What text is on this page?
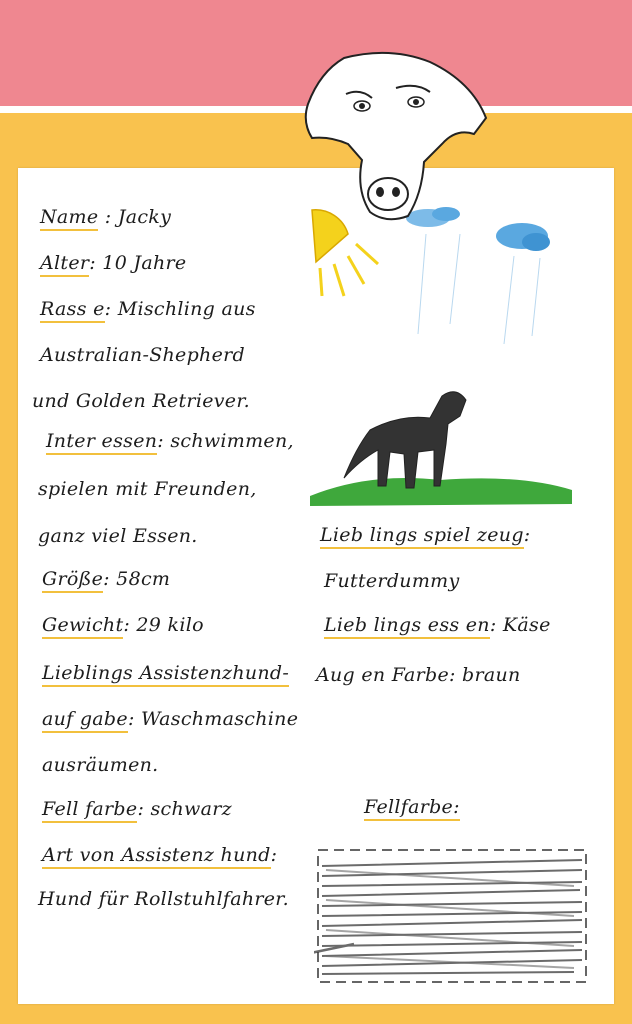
Name : Jacky
Alter: 10 Jahre
Rass e: Mischling aus
Australian-Shepherd
und Golden Retriever.
Inter essen: schwimmen,
spielen mit Freunden,
ganz viel Essen.
Größe: 58cm
Gewicht: 29 kilo
Lieblings Assistenzhund-
auf gabe: Waschmaschine
ausräumen.
Fell farbe: schwarz
Art von Assistenz hund:
Hund für Rollstuhlfahrer.
Lieb lings spiel zeug:
Futterdummy
Lieb lings ess en: Käse
Aug en Farbe: braun
Fellfarbe:
